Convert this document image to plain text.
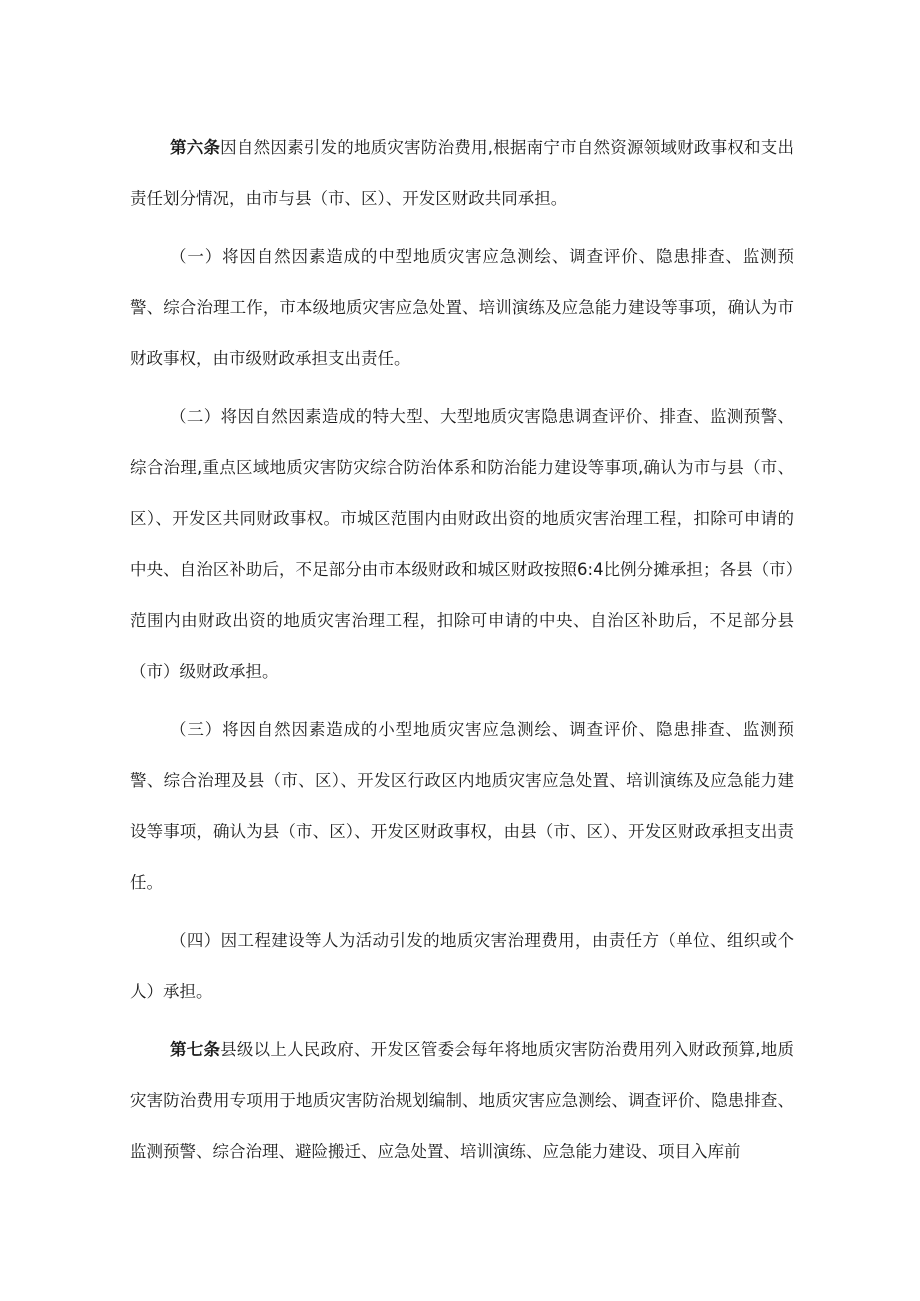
第六条因自然因素引发的地质灾害防治费用,根据南宁市自然资源领域财政事权和支出责任划分情况，由市与县（市、区）、开发区财政共同承担。

（一）将因自然因素造成的中型地质灾害应急测绘、调查评价、隐患排查、监测预警、综合治理工作，市本级地质灾害应急处置、培训演练及应急能力建设等事项，确认为市财政事权，由市级财政承担支出责任。

（二）将因自然因素造成的特大型、大型地质灾害隐患调查评价、排查、监测预警、综合治理,重点区域地质灾害防灾综合防治体系和防治能力建设等事项,确认为市与县（市、区）、开发区共同财政事权。市城区范围内由财政出资的地质灾害治理工程，扣除可申请的中央、自治区补助后，不足部分由市本级财政和城区财政按照6:4比例分摊承担；各县（市）范围内由财政出资的地质灾害治理工程，扣除可申请的中央、自治区补助后，不足部分县（市）级财政承担。

（三）将因自然因素造成的小型地质灾害应急测绘、调查评价、隐患排查、监测预警、综合治理及县（市、区）、开发区行政区内地质灾害应急处置、培训演练及应急能力建设等事项，确认为县（市、区）、开发区财政事权，由县（市、区）、开发区财政承担支出责任。

（四）因工程建设等人为活动引发的地质灾害治理费用，由责任方（单位、组织或个人）承担。

第七条县级以上人民政府、开发区管委会每年将地质灾害防治费用列入财政预算,地质灾害防治费用专项用于地质灾害防治规划编制、地质灾害应急测绘、调查评价、隐患排查、监测预警、综合治理、避险搬迁、应急处置、培训演练、应急能力建设、项目入库前
